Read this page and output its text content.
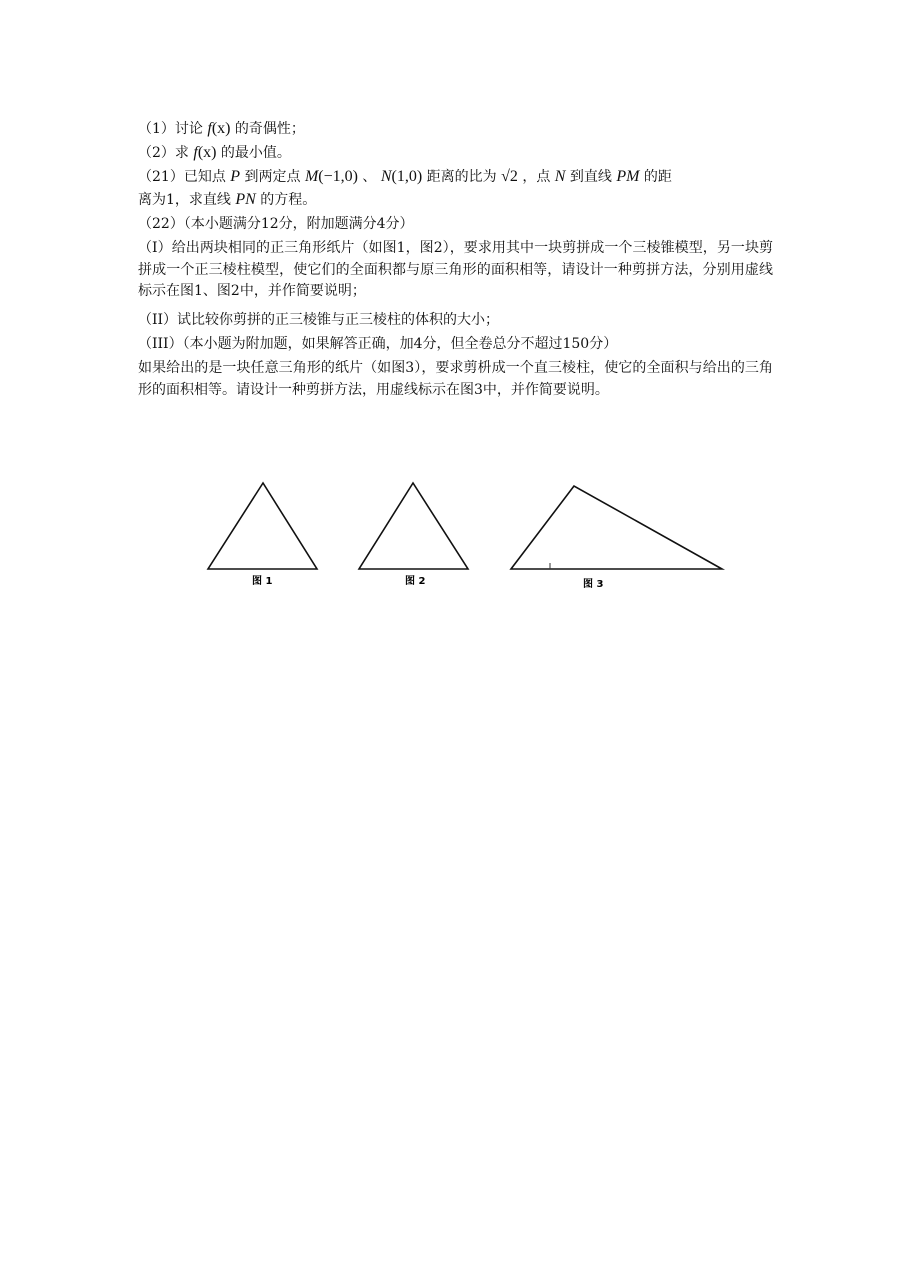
（1）讨论 f(x) 的奇偶性；
（2）求 f(x) 的最小值。
（21）已知点 P 到两定点 M(−1,0) 、 N(1,0) 距离的比为 √2 ，点 N 到直线 PM 的距
离为1，求直线 PN 的方程。
（22）（本小题满分12分，附加题满分4分）
（I）给出两块相同的正三角形纸片（如图1，图2），要求用其中一块剪拼成一个三棱锥模型，另一块剪拼成一个正三棱柱模型，使它们的全面积都与原三角形的面积相等，请设计一种剪拼方法，分别用虚线标示在图1、图2中，并作简要说明；
（II）试比较你剪拼的正三棱锥与正三棱柱的体积的大小；
（III）（本小题为附加题，如果解答正确，加4分，但全卷总分不超过150分）
如果给出的是一块任意三角形的纸片（如图3），要求剪枡成一个直三棱柱，使它的全面积与给出的三角形的面积相等。请设计一种剪拼方法，用虚线标示在图3中，并作简要说明。
图 1	图 2	图 3
